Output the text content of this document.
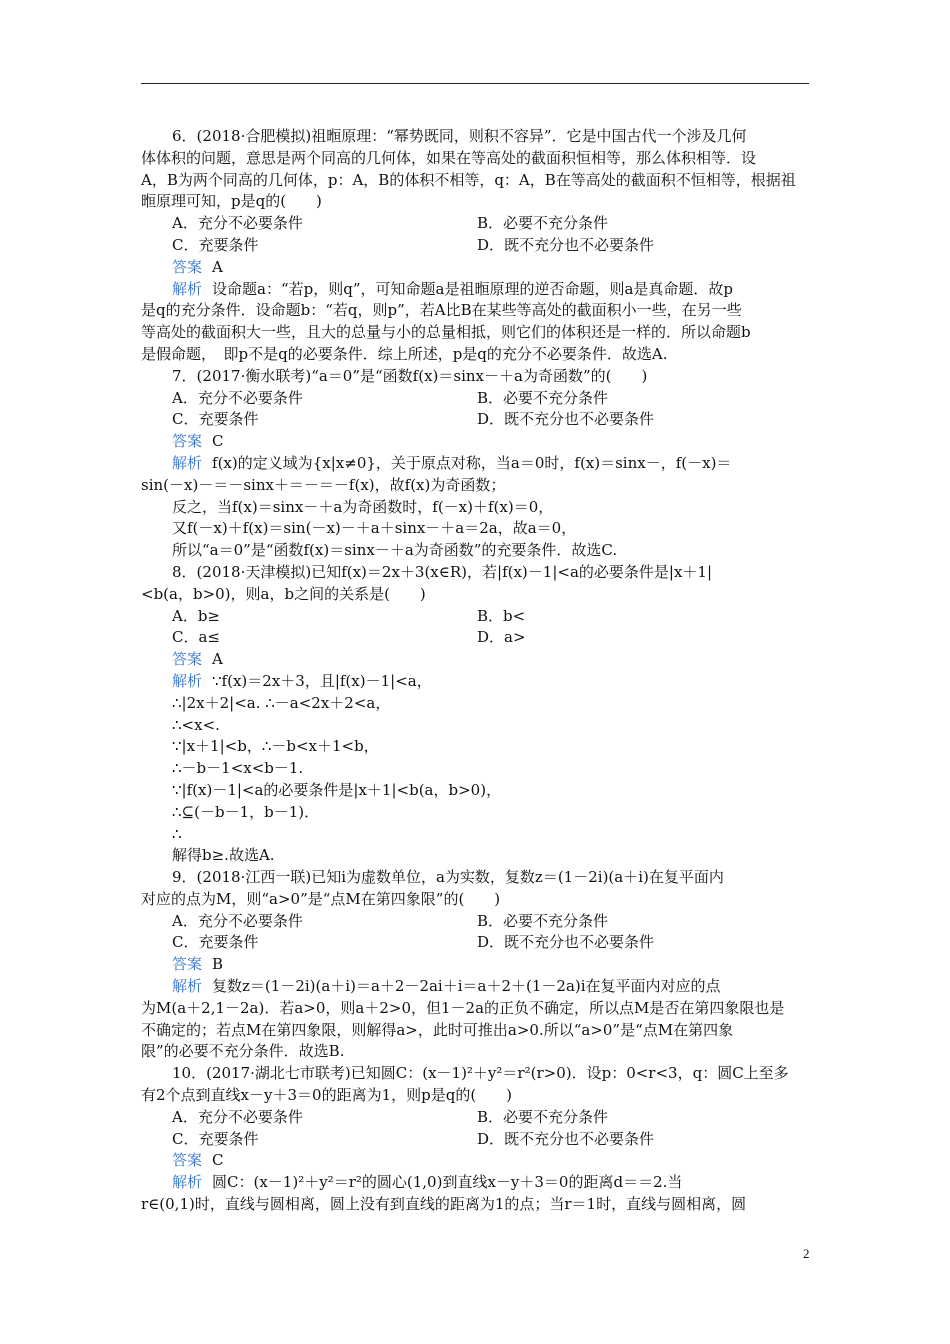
6．(2018·合肥模拟)祖暅原理：“幂势既同，则积不容异”．它是中国古代一个涉及几何
体体积的问题，意思是两个同高的几何体，如果在等高处的截面积恒相等，那么体积相等．设
A，B为两个同高的几何体，p：A，B的体积不相等，q：A，B在等高处的截面积不恒相等，根据祖
暅原理可知，p是q的(　　)
A．充分不必要条件	B．必要不充分条件
C．充要条件	D．既不充分也不必要条件
答案 A
解析 设命题a：“若p，则q”，可知命题a是祖暅原理的逆否命题，则a是真命题．故p
是q的充分条件．设命题b：“若q，则p”，若A比B在某些等高处的截面积小一些，在另一些
等高处的截面积大一些，且大的总量与小的总量相抵，则它们的体积还是一样的．所以命题b
是假命题，　即p不是q的必要条件．综上所述，p是q的充分不必要条件．故选A.
7．(2017·衡水联考)“a＝0”是“函数f(x)＝sinx－＋a为奇函数”的(　　)
A．充分不必要条件	B．必要不充分条件
C．充要条件	D．既不充分也不必要条件
答案 C
解析 f(x)的定义域为{x|x≠0}，关于原点对称，当a＝0时，f(x)＝sinx－，f(－x)＝
sin(－x)－＝－sinx＋＝－＝－f(x)，故f(x)为奇函数；
反之，当f(x)＝sinx－＋a为奇函数时，f(－x)＋f(x)＝0，
又f(－x)＋f(x)＝sin(－x)－＋a＋sinx－＋a＝2a，故a＝0，
所以“a＝0”是“函数f(x)＝sinx－＋a为奇函数”的充要条件．故选C.
8．(2018·天津模拟)已知f(x)＝2x＋3(x∈R)，若|f(x)－1|<a的必要条件是|x＋1|
<b(a，b>0)，则a，b之间的关系是(　　)
A．b≥	B．b<
C．a≤	D．a>
答案 A
解析 ∵f(x)＝2x＋3，且|f(x)－1|<a，
∴|2x＋2|<a. ∴－a<2x＋2<a，
∴<x<.
∵|x＋1|<b，∴－b<x＋1<b，
∴－b－1<x<b－1.
∵|f(x)－1|<a的必要条件是|x＋1|<b(a，b>0)，
∴⊆(－b－1，b－1)．
∴
解得b≥.故选A.
9．(2018·江西一联)已知i为虚数单位，a为实数，复数z＝(1－2i)(a＋i)在复平面内
对应的点为M，则“a>0”是“点M在第四象限”的(　　)
A．充分不必要条件	B．必要不充分条件
C．充要条件	D．既不充分也不必要条件
答案 B
解析 复数z＝(1－2i)(a＋i)＝a＋2－2ai＋i＝a＋2＋(1－2a)i在复平面内对应的点
为M(a＋2,1－2a)．若a>0，则a＋2>0，但1－2a的正负不确定，所以点M是否在第四象限也是
不确定的；若点M在第四象限，则解得a>，此时可推出a>0.所以“a>0”是“点M在第四象
限”的必要不充分条件．故选B.
10．(2017·湖北七市联考)已知圆C：(x－1)²＋y²＝r²(r>0)．设p：0<r<3，q：圆C上至多
有2个点到直线x－y＋3＝0的距离为1，则p是q的(　　)
A．充分不必要条件	B．必要不充分条件
C．充要条件	D．既不充分也不必要条件
答案 C
解析 圆C：(x－1)²＋y²＝r²的圆心(1,0)到直线x－y＋3＝0的距离d＝＝2.当
r∈(0,1)时，直线与圆相离，圆上没有到直线的距离为1的点；当r＝1时，直线与圆相离，圆
2
